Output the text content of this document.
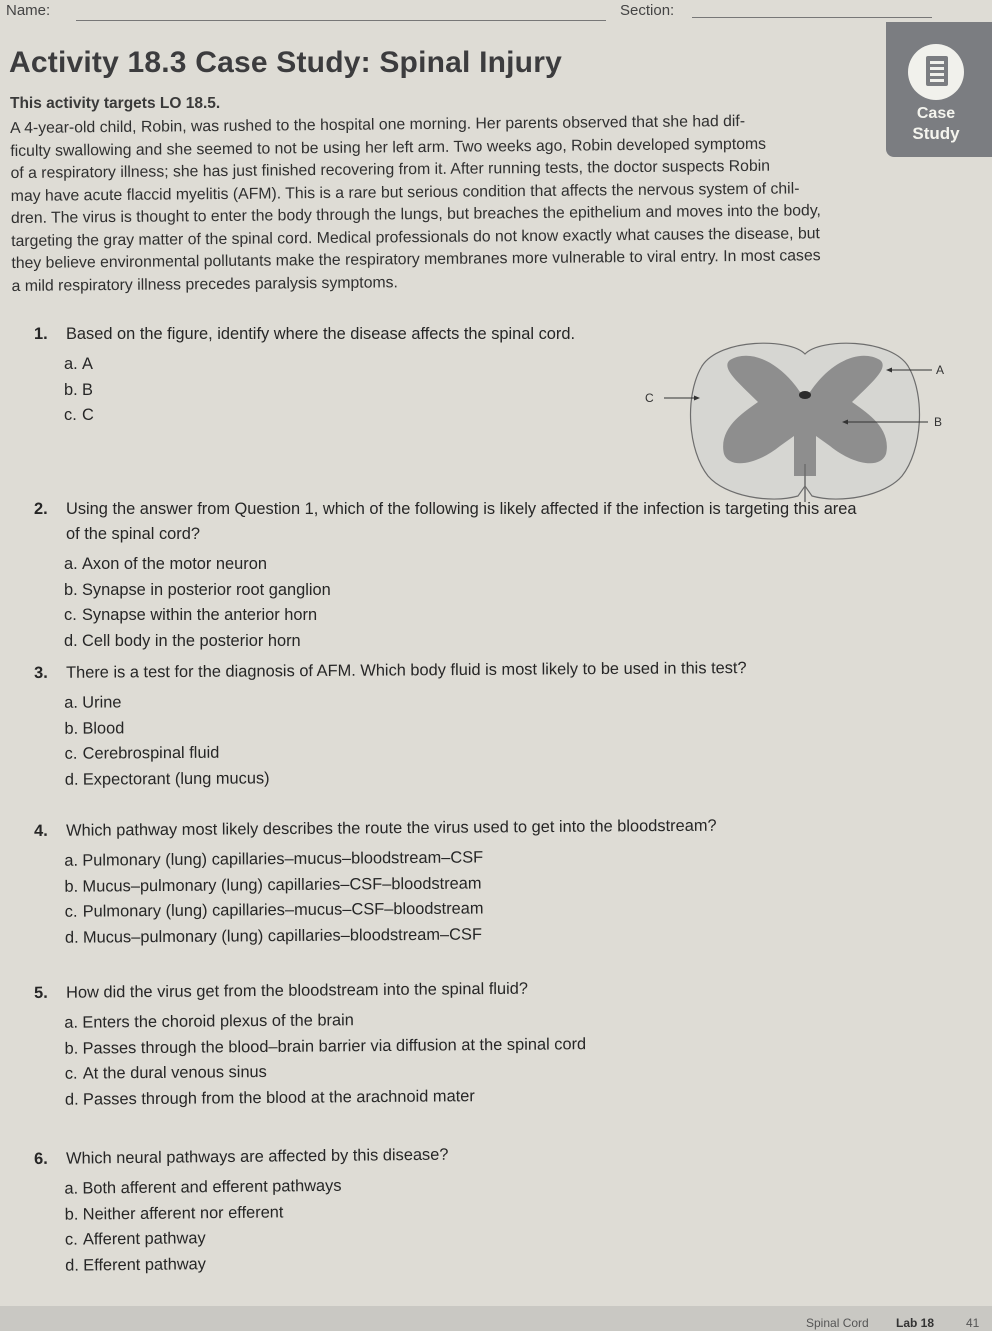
Name:	Section:
Case
Study
Activity 18.3 Case Study: Spinal Injury
This activity targets LO 18.5.

A 4-year-old child, Robin, was rushed to the hospital one morning. Her parents observed that she had dif-

ficulty swallowing and she seemed to not be using her left arm. Two weeks ago, Robin developed symptoms

of a respiratory illness; she has just finished recovering from it. After running tests, the doctor suspects Robin

may have acute flaccid myelitis (AFM). This is a rare but serious condition that affects the nervous system of chil-

dren. The virus is thought to enter the body through the lungs, but breaches the epithelium and moves into the body,

targeting the gray matter of the spinal cord. Medical professionals do not know exactly what causes the disease, but

they believe environmental pollutants make the respiratory membranes more vulnerable to viral entry. In most cases

a mild respiratory illness precedes paralysis symptoms.

1. Based on the figure, identify where the disease affects the spinal cord.
a. A
b. B
c. C
A
B
C
2. Using the answer from Question 1, which of the following is likely affected if the infection is targeting this area
of the spinal cord?
a. Axon of the motor neuron
b. Synapse in posterior root ganglion
c. Synapse within the anterior horn
d. Cell body in the posterior horn
3. There is a test for the diagnosis of AFM. Which body fluid is most likely to be used in this test?
a. Urine
b. Blood
c. Cerebrospinal fluid
d. Expectorant (lung mucus)
4. Which pathway most likely describes the route the virus used to get into the bloodstream?
a. Pulmonary (lung) capillaries–mucus–bloodstream–CSF
b. Mucus–pulmonary (lung) capillaries–CSF–bloodstream
c. Pulmonary (lung) capillaries–mucus–CSF–bloodstream
d. Mucus–pulmonary (lung) capillaries–bloodstream–CSF
5. How did the virus get from the bloodstream into the spinal fluid?
a. Enters the choroid plexus of the brain
b. Passes through the blood–brain barrier via diffusion at the spinal cord
c. At the dural venous sinus
d. Passes through from the blood at the arachnoid mater
6. Which neural pathways are affected by this disease?
a. Both afferent and efferent pathways
b. Neither afferent nor efferent
c. Afferent pathway
d. Efferent pathway
Spinal Cord Lab 18	41
